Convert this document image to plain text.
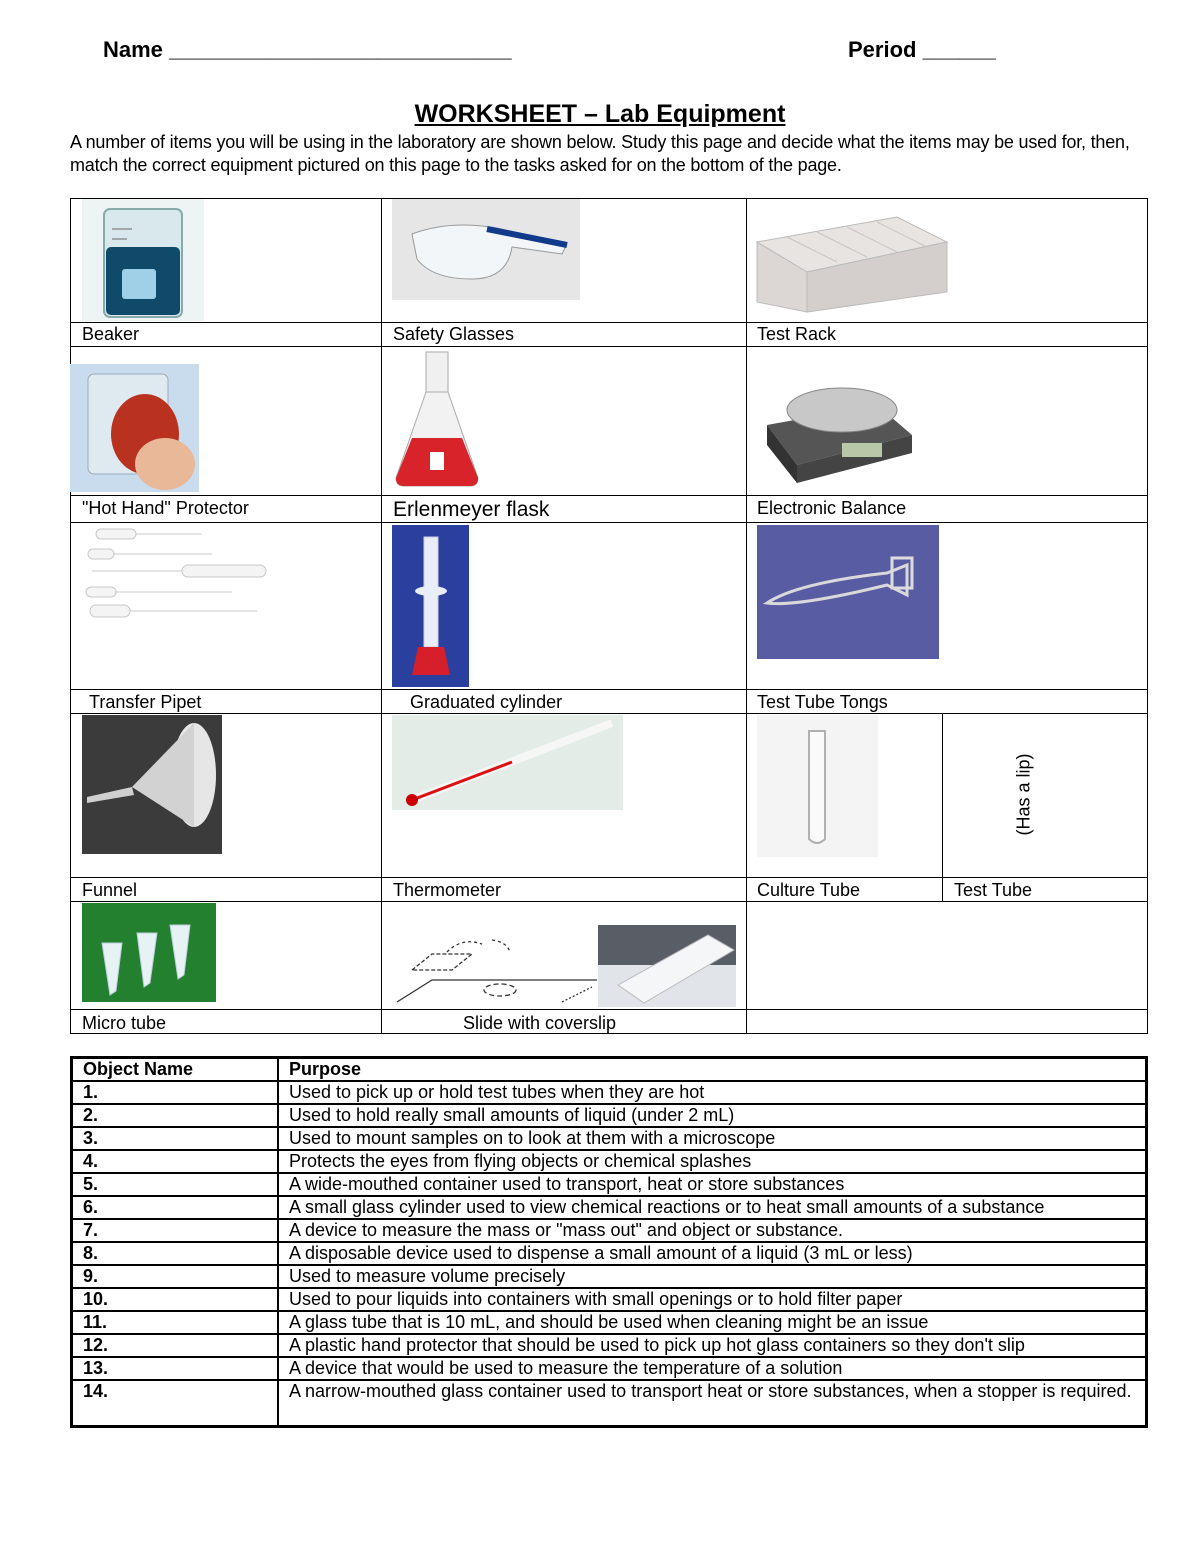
Name ____________________________	Period ______
WORKSHEET – Lab Equipment
A number of items you will be using in the laboratory are shown below. Study this page and decide what the items may be used for, then, match the correct equipment pictured on this page to the tasks asked for on the bottom of the page.
Beaker	Safety Glasses	Test Rack
"Hot Hand" Protector	Erlenmeyer flask	Electronic Balance
Transfer Pipet	Graduated cylinder	Test Tube Tongs
(Has a lip)
Funnel	Thermometer	Culture Tube	Test Tube
Micro tube	Slide with coverslip
Object Name	Purpose
1.	Used to pick up or hold test tubes when they are hot
2.	Used to hold really small amounts of liquid (under 2 mL)
3.	Used to mount samples on to look at them with a microscope
4.	Protects the eyes from flying objects or chemical splashes
5.	A wide-mouthed container used to transport, heat or store substances
6.	A small glass cylinder used to view chemical reactions or to heat small amounts of a substance
7.	A device to measure the mass or "mass out" and object or substance.
8.	A disposable device used to dispense a small amount of a liquid (3 mL or less)
9.	Used to measure volume precisely
10.	Used to pour liquids into containers with small openings or to hold filter paper
11.	A glass tube that is 10 mL, and should be used when cleaning might be an issue
12.	A plastic hand protector that should be used to pick up hot glass containers so they don't slip
13.	A device that would be used to measure the temperature of a solution
14.	A narrow-mouthed glass container used to transport heat or store substances, when a stopper is required.
